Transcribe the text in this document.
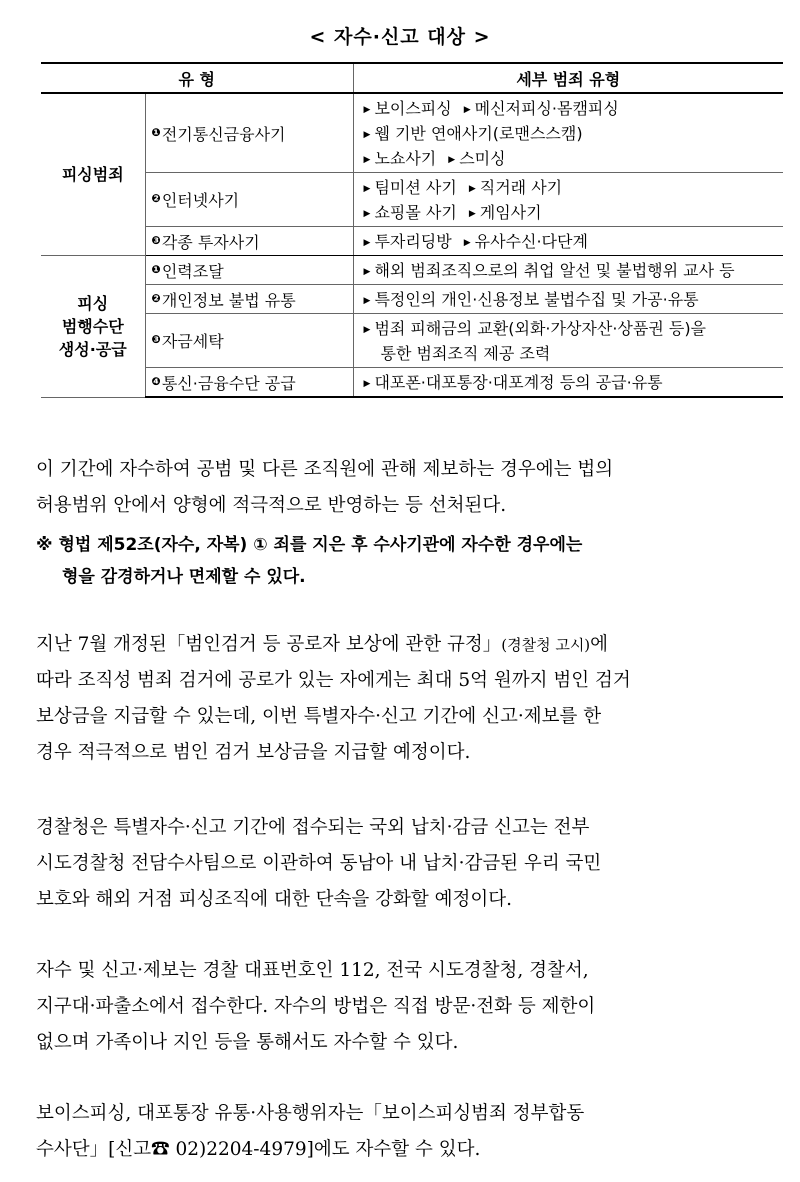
< 자수·신고 대상 >
유 형		세부 범죄 유형

피싱범죄	$^❶$전기통신금융사기	▶ 보이스피싱 ▶ 메신저피싱·몸캠피싱
▶ 웹 기반 연애사기(로맨스스캠)
▶ 노쇼사기 ▶ 스미싱

	$^❷$인터넷사기	▶ 팀미션 사기 ▶ 직거래 사기
▶ 쇼핑몰 사기 ▶ 게임사기

	$^❸$각종 투자사기	▶ 투자리딩방 ▶ 유사수신·다단계

피싱
범행수단
생성·공급	$^❶$인력조달	▶ 해외 범죄조직으로의 취업 알선 및 불법행위 교사 등

	$^❷$개인정보 불법 유통	▶ 특정인의 개인·신용정보 불법수집 및 가공·유통

	$^❸$자금세탁	▶ 범죄 피해금의 교환(외화·가상자산·상품권 등)을
통한 범죄조직 제공 조력

	$^❹$통신·금융수단 공급	▶ 대포폰·대포통장·대포계정 등의 공급·유통
이 기간에 자수하여 공범 및 다른 조직원에 관해 제보하는 경우에는 법의
허용범위 안에서 양형에 적극적으로 반영하는 등 선처된다.
※ 형법 제52조(자수, 자복) ① 죄를 지은 후 수사기관에 자수한 경우에는
형을 감경하거나 면제할 수 있다.
지난 7월 개정된「범인검거 등 공로자 보상에 관한 규정」(경찰청 고시)에
따라 조직성 범죄 검거에 공로가 있는 자에게는 최대 5억 원까지 범인 검거
보상금을 지급할 수 있는데, 이번 특별자수·신고 기간에 신고·제보를 한
경우 적극적으로 범인 검거 보상금을 지급할 예정이다.
경찰청은 특별자수·신고 기간에 접수되는 국외 납치·감금 신고는 전부
시도경찰청 전담수사팀으로 이관하여 동남아 내 납치·감금된 우리 국민
보호와 해외 거점 피싱조직에 대한 단속을 강화할 예정이다.
자수 및 신고·제보는 경찰 대표번호인 112, 전국 시도경찰청, 경찰서,
지구대·파출소에서 접수한다. 자수의 방법은 직접 방문·전화 등 제한이
없으며 가족이나 지인 등을 통해서도 자수할 수 있다.
보이스피싱, 대포통장 유통·사용행위자는「보이스피싱범죄 정부합동
수사단」[신고☎ 02)2204-4979]에도 자수할 수 있다.
